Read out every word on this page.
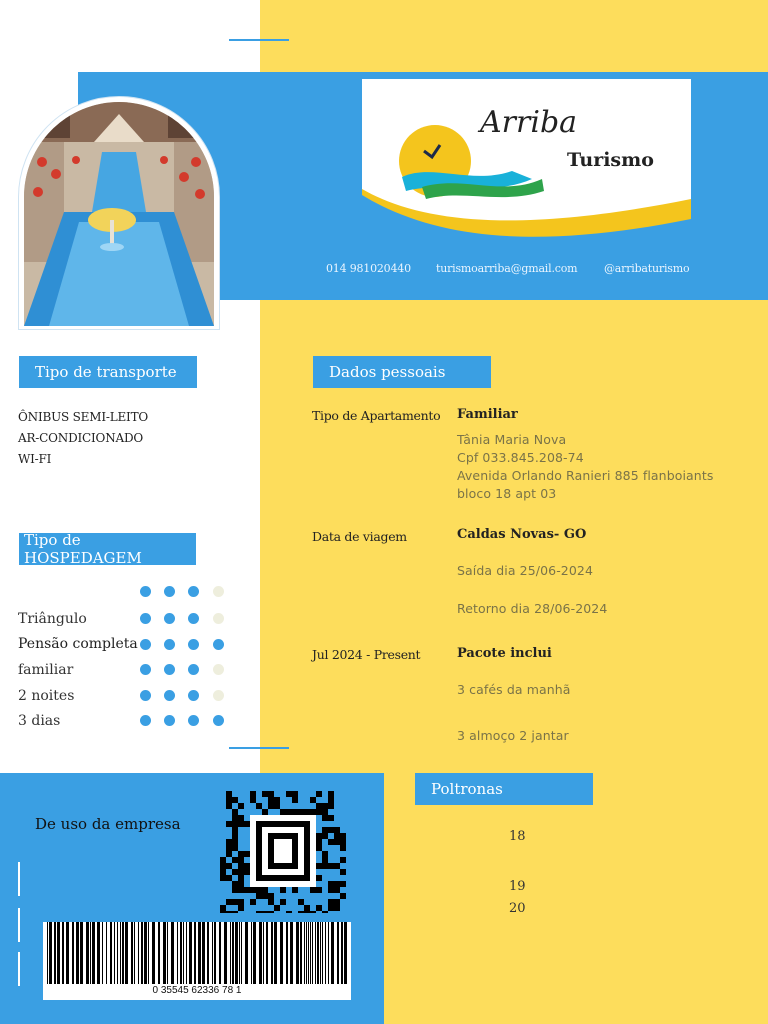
Arriba
Turismo
014 981020440 turismoarriba@gmail.com @arribaturismo
Tipo de transporte
ÔNIBUS SEMI-LEITO
AR-CONDICIONADO
WI-FI
Tipo de HOSPEDAGEM
Triângulo
Pensão completa
familiar
2 noites
3 dias
Dados pessoais
Tipo de Apartamento Familiar
Tânia Maria Nova
Cpf 033.845.208-74
Avenida Orlando Ranieri 885 flanboiants
bloco 18 apt 03
Data de viagem	Caldas Novas- GO
Saída dia 25/06-2024
Retorno dia 28/06-2024
Jul 2024 - Present	Pacote inclui
3 cafés da manhã
3 almoço 2 jantar
Poltronas
18
19
20
De uso da empresa
0 35545 62336 78 1
